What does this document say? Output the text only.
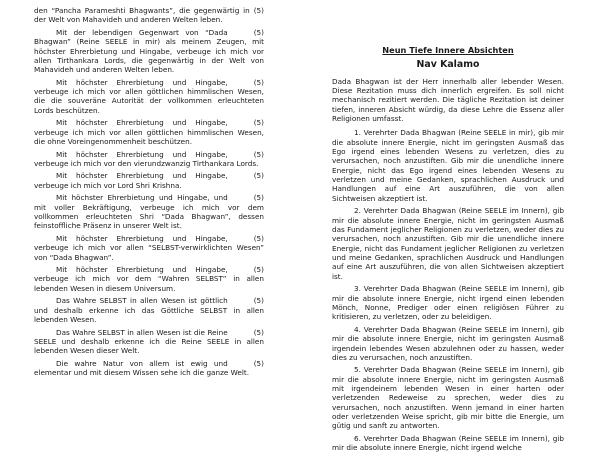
(5)
den “Pancha Parameshti Bhagwants”, die gegenwärtig in der Welt von Mahavideh und anderen Welten leben.

(5)
Mit der lebendigen Gegenwart von “Dada Bhagwan” (Reine SEELE in mir) als meinem Zeugen, mit höchster Ehrerbietung und Hingabe, verbeuge ich mich vor allen Tirthankara Lords, die gegenwärtig in der Welt von Mahavideh und anderen Welten leben.

(5)
Mit höchster Ehrerbietung und Hingabe, verbeuge ich mich vor allen göttlichen himmlischen Wesen, die die souveräne Autorität der vollkommen erleuchteten Lords beschützen.

(5)
Mit höchster Ehrerbietung und Hingabe, verbeuge ich mich vor allen göttlichen himmlischen Wesen, die ohne Voreingenommenheit beschützen.

(5)
Mit höchster Ehrerbietung und Hingabe, verbeuge ich mich vor den vierundzwanzig Tirthankara Lords.

(5)
Mit höchster Ehrerbietung und Hingabe, verbeuge ich mich vor Lord Shri Krishna.

(5)
Mit höchster Ehrerbietung und Hingabe, und mit voller Bekräftigung, verbeuge ich mich vor dem vollkommen erleuchteten Shri “Dada Bhagwan”, dessen feinstoffliche Präsenz in unserer Welt ist.

(5)
Mit höchster Ehrerbietung und Hingabe, verbeuge ich mich vor allen “SELBST-verwirklichten Wesen” von “Dada Bhagwan”.

(5)
Mit höchster Ehrerbietung und Hingabe, verbeuge ich mich vor dem “Wahren SELBST” in allen lebenden Wesen in diesem Universum.

(5)
Das Wahre SELBST in allen Wesen ist göttlich und deshalb erkenne ich das Göttliche SELBST in allen lebenden Wesen.

(5)
Das Wahre SELBST in allen Wesen ist die Reine SEELE und deshalb erkenne ich die Reine SEELE in allen lebenden Wesen dieser Welt.

(5)
Die wahre Natur von allem ist ewig und elementar und mit diesem Wissen sehe ich die ganze Welt.

Neun Tiefe Innere Absichten
Nav Kalamo

Dada Bhagwan ist der Herr innerhalb aller lebender Wesen. Diese Rezitation muss dich innerlich ergreifen. Es soll nicht mechanisch rezitiert werden. Die tägliche Rezitation ist deiner tiefen, inneren Absicht würdig, da diese Lehre die Essenz aller Religionen umfasst.

1. Verehrter Dada Bhagwan (Reine SEELE in mir), gib mir die absolute innere Energie, nicht im geringsten Ausmaß das Ego irgend eines lebenden Wesens zu verletzen, dies zu verursachen, noch anzustiften. Gib mir die unendliche innere Energie, nicht das Ego irgend eines lebenden Wesens zu verletzen und meine Gedanken, sprachlichen Ausdruck und Handlungen auf eine Art auszuführen, die von allen Sichtweisen akzeptiert ist.

2. Verehrter Dada Bhagwan (Reine SEELE im Innern), gib mir die absolute innere Energie, nicht im geringsten Ausmaß das Fundament jeglicher Religionen zu verletzen, weder dies zu verursachen, noch anzustiften. Gib mir die unendliche innere Energie, nicht das Fundament jeglicher Religionen zu verletzen und meine Gedanken, sprachlichen Ausdruck und Handlungen auf eine Art auszuführen, die von allen Sichtweisen akzeptiert ist.

3. Verehrter Dada Bhagwan (Reine SEELE im Innern), gib mir die absolute innere Energie, nicht irgend einen lebenden Mönch, Nonne, Prediger oder einen religiösen Führer zu kritisieren, zu verletzen, oder zu beleidigen.

4. Verehrter Dada Bhagwan (Reine SEELE im Innern), gib mir die absolute innere Energie, nicht im geringsten Ausmaß irgendein lebendes Wesen abzulehnen oder zu hassen, weder dies zu verursachen, noch anzustiften.

5. Verehrter Dada Bhagwan (Reine SEELE im Innern), gib mir die absolute innere Energie, nicht im geringsten Ausmaß mit irgendeinem lebenden Wesen in einer harten oder verletzenden Redeweise zu sprechen, weder dies zu verursachen, noch anzustiften. Wenn jemand in einer harten oder verletzenden Weise spricht, gib mir bitte die Energie, um gütig und sanft zu antworten.

6. Verehrter Dada Bhagwan (Reine SEELE im Innern), gib mir die absolute innere Energie, nicht irgend welche
